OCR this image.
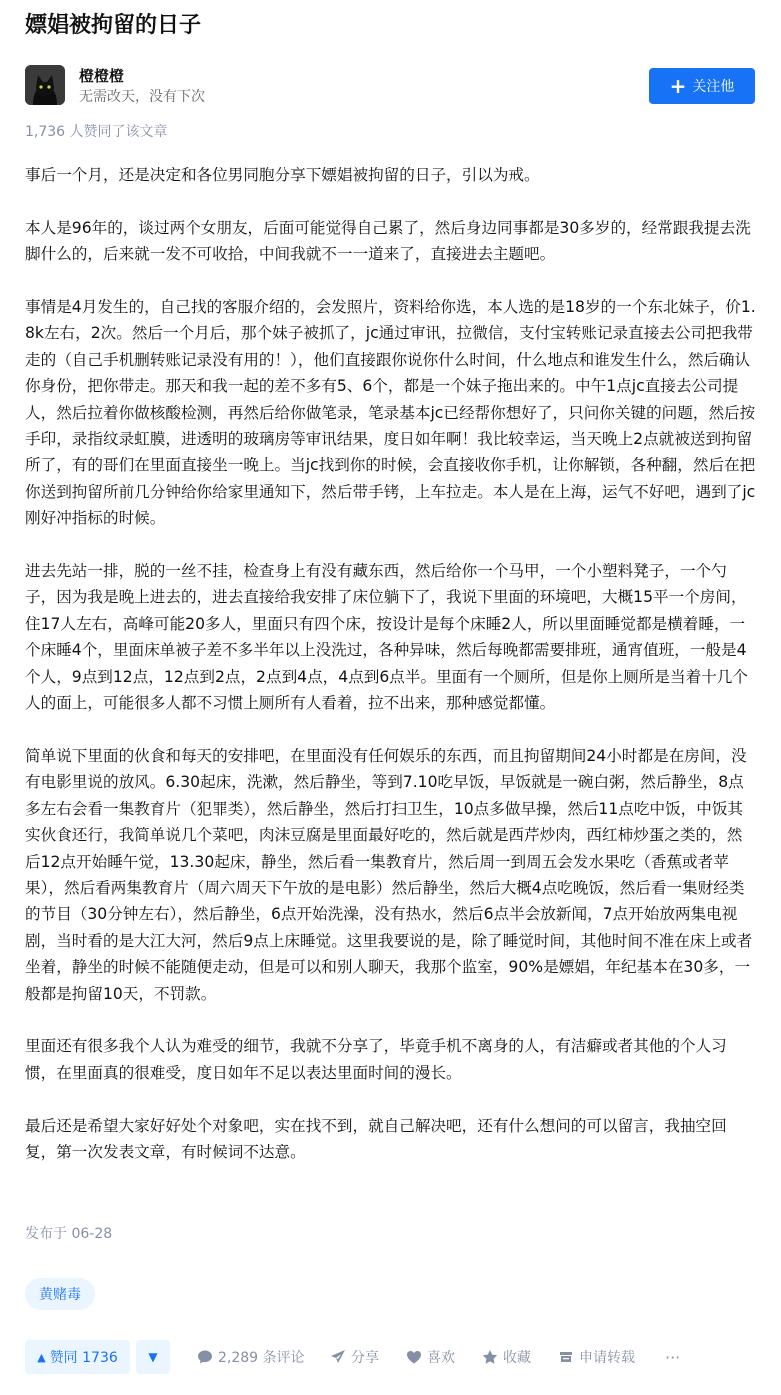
嫖娼被拘留的日子
橙橙橙
无需改天，没有下次	+ 关注他
1,736 人赞同了该文章

事后一个月，还是决定和各位男同胞分享下嫖娼被拘留的日子，引以为戒。

本人是96年的，谈过两个女朋友，后面可能觉得自己累了，然后身边同事都是30多岁的，经常跟我提去洗脚什么的，后来就一发不可收拾，中间我就不一一道来了，直接进去主题吧。

事情是4月发生的，自己找的客服介绍的，会发照片，资料给你选，本人选的是18岁的一个东北妹子，价1.8k左右，2次。然后一个月后，那个妹子被抓了，jc通过审讯，拉微信，支付宝转账记录直接去公司把我带走的（自己手机删转账记录没有用的！），他们直接跟你说你什么时间，什么地点和谁发生什么，然后确认你身份，把你带走。那天和我一起的差不多有5、6个，都是一个妹子拖出来的。中午1点jc直接去公司提人，然后拉着你做核酸检测，再然后给你做笔录，笔录基本jc已经帮你想好了，只问你关键的问题，然后按手印，录指纹录虹膜，进透明的玻璃房等审讯结果，度日如年啊！我比较幸运，当天晚上2点就被送到拘留所了，有的哥们在里面直接坐一晚上。当jc找到你的时候，会直接收你手机，让你解锁，各种翻，然后在把你送到拘留所前几分钟给你给家里通知下，然后带手铐，上车拉走。本人是在上海，运气不好吧，遇到了jc刚好冲指标的时候。

进去先站一排，脱的一丝不挂，检查身上有没有藏东西，然后给你一个马甲，一个小塑料凳子，一个勺子，因为我是晚上进去的，进去直接给我安排了床位躺下了，我说下里面的环境吧，大概15平一个房间，住17人左右，高峰可能20多人，里面只有四个床，按设计是每个床睡2人，所以里面睡觉都是横着睡，一个床睡4个，里面床单被子差不多半年以上没洗过，各种异味，然后每晚都需要排班，通宵值班，一般是4个人，9点到12点，12点到2点，2点到4点，4点到6点半。里面有一个厕所，但是你上厕所是当着十几个人的面上，可能很多人都不习惯上厕所有人看着，拉不出来，那种感觉都懂。

简单说下里面的伙食和每天的安排吧，在里面没有任何娱乐的东西，而且拘留期间24小时都是在房间，没有电影里说的放风。6.30起床，洗漱，然后静坐，等到7.10吃早饭，早饭就是一碗白粥，然后静坐，8点多左右会看一集教育片（犯罪类），然后静坐，然后打扫卫生，10点多做早操，然后11点吃中饭，中饭其实伙食还行，我简单说几个菜吧，肉沫豆腐是里面最好吃的，然后就是西芹炒肉，西红柿炒蛋之类的，然后12点开始睡午觉，13.30起床，静坐，然后看一集教育片，然后周一到周五会发水果吃（香蕉或者苹果），然后看两集教育片（周六周天下午放的是电影）然后静坐，然后大概4点吃晚饭，然后看一集财经类的节目（30分钟左右），然后静坐，6点开始洗澡，没有热水，然后6点半会放新闻，7点开始放两集电视剧，当时看的是大江大河，然后9点上床睡觉。这里我要说的是，除了睡觉时间，其他时间不准在床上或者坐着，静坐的时候不能随便走动，但是可以和别人聊天，我那个监室，90%是嫖娼，年纪基本在30多，一般都是拘留10天，不罚款。

里面还有很多我个人认为难受的细节，我就不分享了，毕竟手机不离身的人，有洁癖或者其他的个人习惯，在里面真的很难受，度日如年不足以表达里面时间的漫长。

最后还是希望大家好好处个对象吧，实在找不到，就自己解决吧，还有什么想问的可以留言，我抽空回复，第一次发表文章，有时候词不达意。

发布于 06-28
黄赌毒
▲ 赞同 1736	▼	2,289 条评论	分享	喜欢	收藏	申请转载 ···
